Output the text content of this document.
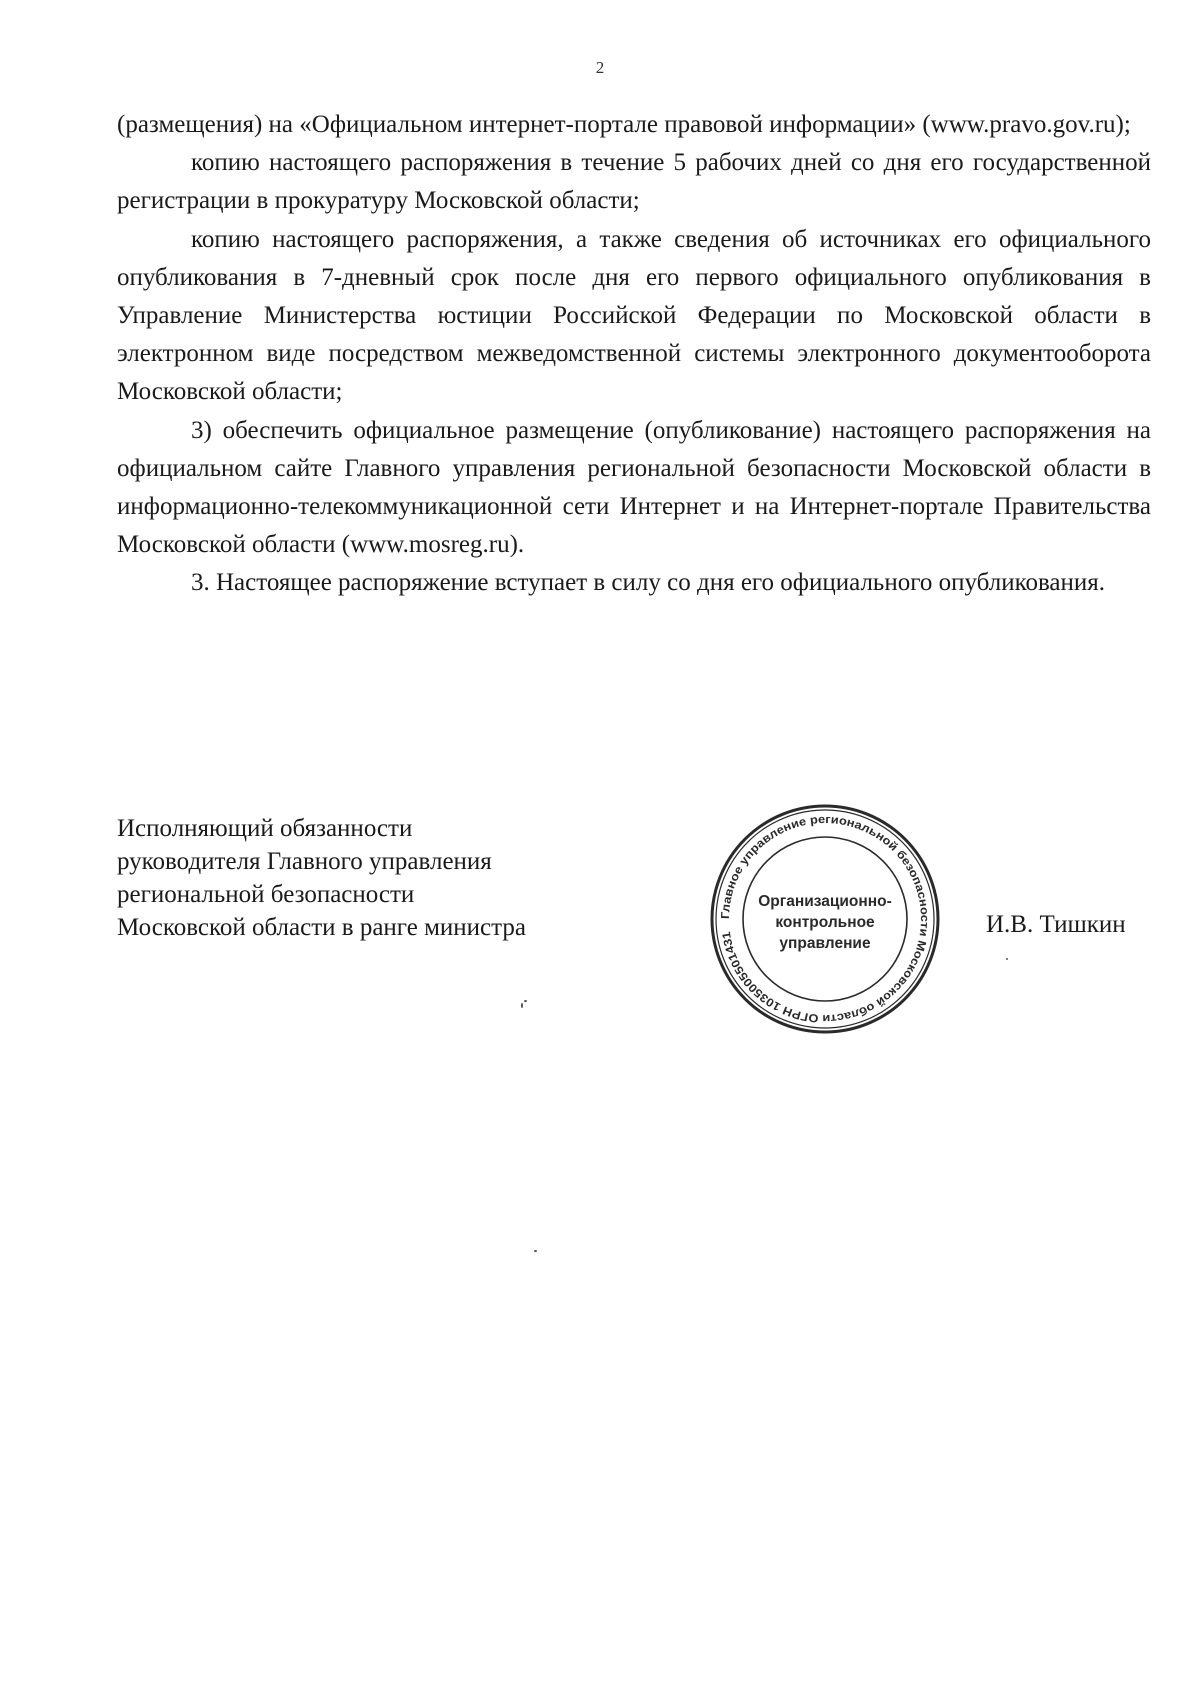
2

(размещения) на «Официальном интернет-портале правовой информации» (www.pravo.gov.ru);

копию настоящего распоряжения в течение 5 рабочих дней со дня его государственной регистрации в прокуратуру Московской области;

копию настоящего распоряжения, а также сведения об источниках его официального опубликования в 7-дневный срок после дня его первого официального опубликования в Управление Министерства юстиции Российской Федерации по Московской области в электронном виде посредством межведомственной системы электронного документооборота Московской области;

3) обеспечить официальное размещение (опубликование) настоящего распоряжения на официальном сайте Главного управления региональной безопасности Московской области в информационно-телекоммуникационной сети Интернет и на Интернет-портале Правительства Московской области (www.mosreg.ru).

3. Настоящее распоряжение вступает в силу со дня его официального опубликования.

Исполняющий обязанности
руководителя Главного управления
региональной безопасности
Московской области в ранге министра	Главное управление региональной безопасности Московской области ОГРН 1035005501431
Организационно-
контрольное
управление
И.В. Тишкин
